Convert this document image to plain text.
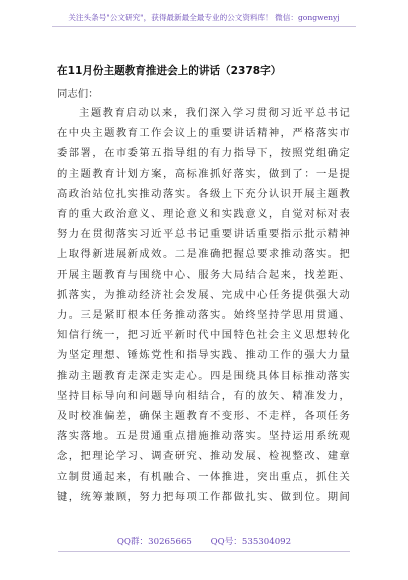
关注头条号"公文研究"，获得最新最全最专业的公文资料库！ 微信：gongwenyj
在11月份主题教育推进会上的讲话（2378字）
同志们：
主题教育启动以来，我们深入学习贯彻习近平总书记
在中央主题教育工作会议上的重要讲话精神，严格落实市
委部署，在市委第五指导组的有力指导下，按照党组确定
的主题教育计划方案，高标准抓好落实，做到了：一是提
高政治站位扎实推动落实。各级上下充分认识开展主题教
育的重大政治意义、理论意义和实践意义，自觉对标对表
努力在贯彻落实习近平总书记重要讲话重要指示批示精神
上取得新进展新成效。二是准确把握总要求推动落实。把
开展主题教育与围绕中心、服务大局结合起来，找差距、
抓落实，为推动经济社会发展、完成中心任务提供强大动
力。三是紧盯根本任务推动落实。始终坚持学思用贯通、
知信行统一，把习近平新时代中国特色社会主义思想转化
为坚定理想、锤炼党性和指导实践、推动工作的强大力量
推动主题教育走深走实走心。四是围绕具体目标推动落实
坚持目标导向和问题导向相结合，有的放矢、精准发力，
及时校准偏差，确保主题教育不变形、不走样，各项任务
落实落地。五是贯通重点措施推动落实。坚持运用系统观
念，把理论学习、调查研究、推动发展、检视整改、建章
立制贯通起来，有机融合、一体推进，突出重点，抓住关
键，统筹兼顾，努力把每项工作都做扎实、做到位。期间
QQ群：30265665 QQ号：535304092
